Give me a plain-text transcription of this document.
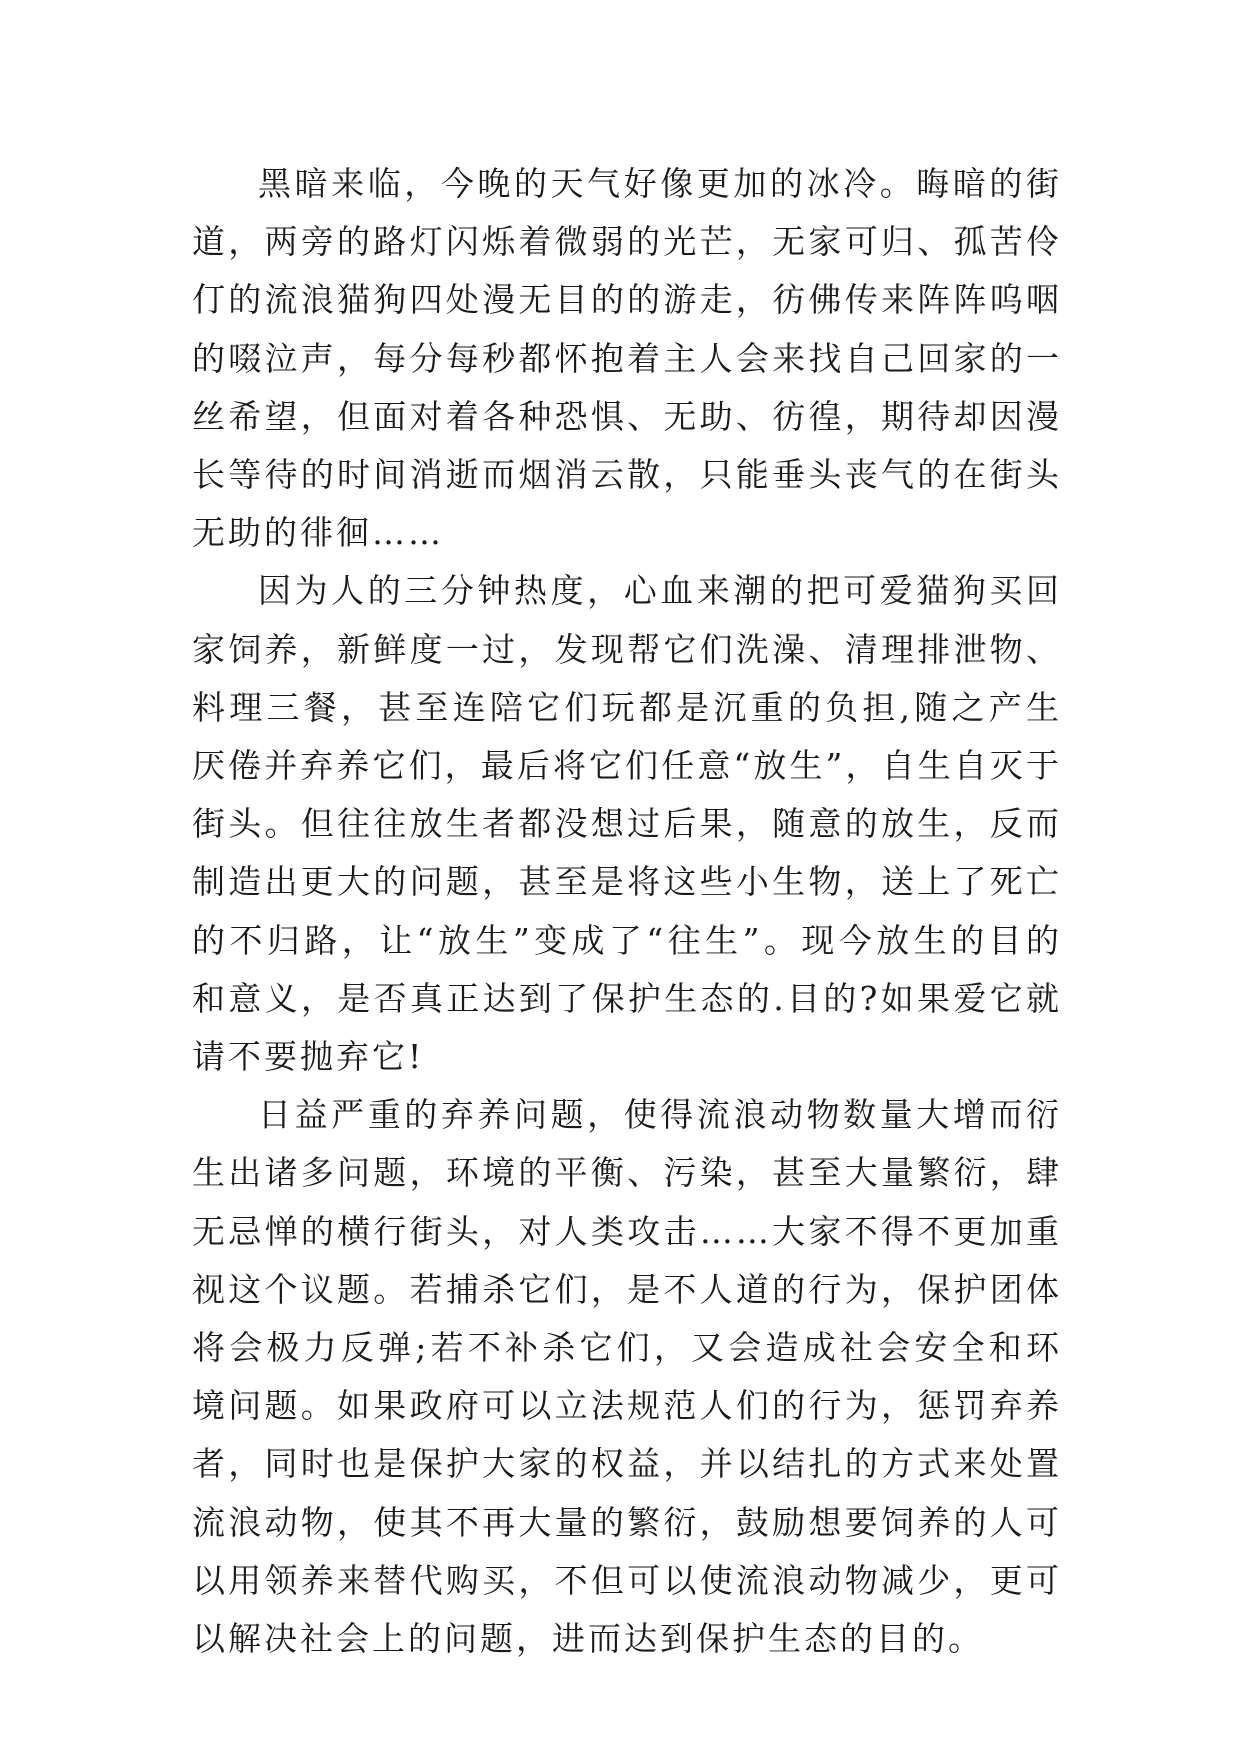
黑暗来临，今晚的天气好像更加的冰冷。晦暗的街道，两旁的路灯闪烁着微弱的光芒，无家可归、孤苦伶仃的流浪猫狗四处漫无目的的游走，彷佛传来阵阵呜咽的啜泣声，每分每秒都怀抱着主人会来找自己回家的一丝希望，但面对着各种恐惧、无助、彷徨，期待却因漫长等待的时间消逝而烟消云散，只能垂头丧气的在街头无助的徘徊……

因为人的三分钟热度，心血来潮的把可爱猫狗买回家饲养，新鲜度一过，发现帮它们洗澡、清理排泄物、料理三餐，甚至连陪它们玩都是沉重的负担,随之产生厌倦并弃养它们，最后将它们任意“放生”，自生自灭于街头。但往往放生者都没想过后果，随意的放生，反而制造出更大的问题，甚至是将这些小生物，送上了死亡的不归路，让“放生”变成了“往生”。现今放生的目的和意义，是否真正达到了保护生态的.目的?如果爱它就请不要抛弃它!

日益严重的弃养问题，使得流浪动物数量大增而衍生出诸多问题，环境的平衡、污染，甚至大量繁衍，肆无忌惮的横行街头，对人类攻击……大家不得不更加重视这个议题。若捕杀它们，是不人道的行为，保护团体将会极力反弹;若不补杀它们，又会造成社会安全和环境问题。如果政府可以立法规范人们的行为，惩罚弃养者，同时也是保护大家的权益，并以结扎的方式来处置流浪动物，使其不再大量的繁衍，鼓励想要饲养的人可以用领养来替代购买，不但可以使流浪动物减少，更可以解决社会上的问题，进而达到保护生态的目的。
